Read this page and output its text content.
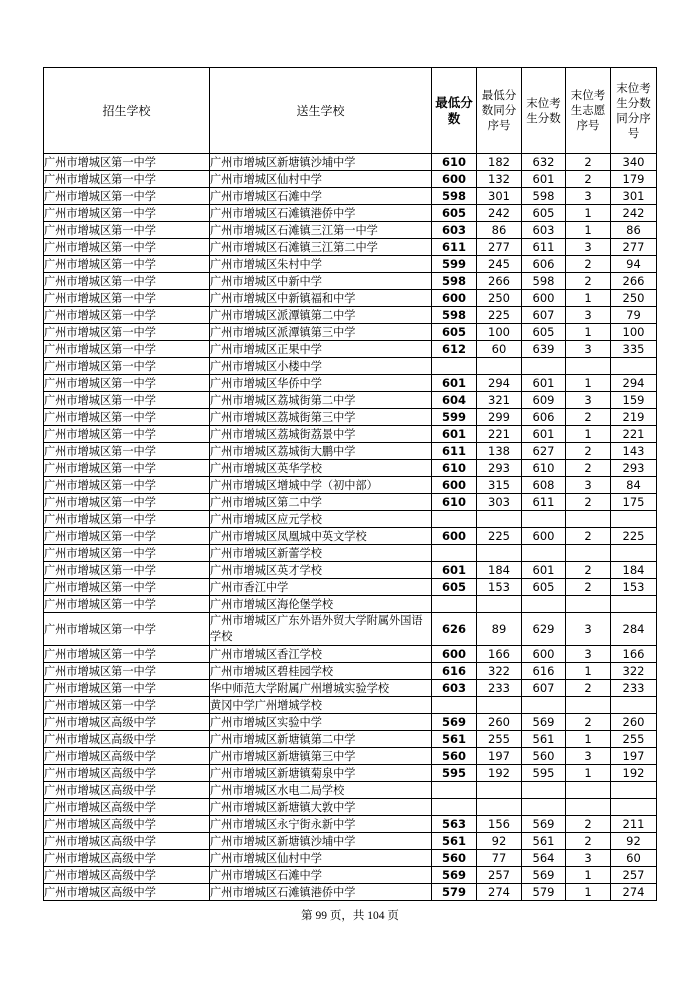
招生学校	送生学校	最低分数	最低分数同分序号	末位考生分数	末位考生志愿序号	末位考生分数同分序号
广州市增城区第一中学	广州市增城区新塘镇沙埔中学	610	182	632	2	340
广州市增城区第一中学	广州市增城区仙村中学	600	132	601	2	179
广州市增城区第一中学	广州市增城区石滩中学	598	301	598	3	301
广州市增城区第一中学	广州市增城区石滩镇港侨中学	605	242	605	1	242
广州市增城区第一中学	广州市增城区石滩镇三江第一中学	603	86	603	1	86
广州市增城区第一中学	广州市增城区石滩镇三江第二中学	611	277	611	3	277
广州市增城区第一中学	广州市增城区朱村中学	599	245	606	2	94
广州市增城区第一中学	广州市增城区中新中学	598	266	598	2	266
广州市增城区第一中学	广州市增城区中新镇福和中学	600	250	600	1	250
广州市增城区第一中学	广州市增城区派潭镇第二中学	598	225	607	3	79
广州市增城区第一中学	广州市增城区派潭镇第三中学	605	100	605	1	100
广州市增城区第一中学	广州市增城区正果中学	612	60	639	3	335
广州市增城区第一中学	广州市增城区小楼中学					
广州市增城区第一中学	广州市增城区华侨中学	601	294	601	1	294
广州市增城区第一中学	广州市增城区荔城街第二中学	604	321	609	3	159
广州市增城区第一中学	广州市增城区荔城街第三中学	599	299	606	2	219
广州市增城区第一中学	广州市增城区荔城街荔景中学	601	221	601	1	221
广州市增城区第一中学	广州市增城区荔城街大鹏中学	611	138	627	2	143
广州市增城区第一中学	广州市增城区英华学校	610	293	610	2	293
广州市增城区第一中学	广州市增城区增城中学（初中部）	600	315	608	3	84
广州市增城区第一中学	广州市增城区第二中学	610	303	611	2	175
广州市增城区第一中学	广州市增城区应元学校					
广州市增城区第一中学	广州市增城区凤凰城中英文学校	600	225	600	2	225
广州市增城区第一中学	广州市增城区新蕾学校					
广州市增城区第一中学	广州市增城区英才学校	601	184	601	2	184
广州市增城区第一中学	广州市香江中学	605	153	605	2	153
广州市增城区第一中学	广州市增城区海伦堡学校					
广州市增城区第一中学	广州市增城区广东外语外贸大学附属外国语学校	626	89	629	3	284
广州市增城区第一中学	广州市增城区香江学校	600	166	600	3	166
广州市增城区第一中学	广州市增城区碧桂园学校	616	322	616	1	322
广州市增城区第一中学	华中师范大学附属广州增城实验学校	603	233	607	2	233
广州市增城区第一中学	黄冈中学广州增城学校					
广州市增城区高级中学	广州市增城区实验中学	569	260	569	2	260
广州市增城区高级中学	广州市增城区新塘镇第二中学	561	255	561	1	255
广州市增城区高级中学	广州市增城区新塘镇第三中学	560	197	560	3	197
广州市增城区高级中学	广州市增城区新塘镇菊泉中学	595	192	595	1	192
广州市增城区高级中学	广州市增城区水电二局学校					
广州市增城区高级中学	广州市增城区新塘镇大敦中学					
广州市增城区高级中学	广州市增城区永宁街永新中学	563	156	569	2	211
广州市增城区高级中学	广州市增城区新塘镇沙埔中学	561	92	561	2	92
广州市增城区高级中学	广州市增城区仙村中学	560	77	564	3	60
广州市增城区高级中学	广州市增城区石滩中学	569	257	569	1	257
广州市增城区高级中学	广州市增城区石滩镇港侨中学	579	274	579	1	274
第 99 页，共 104 页
